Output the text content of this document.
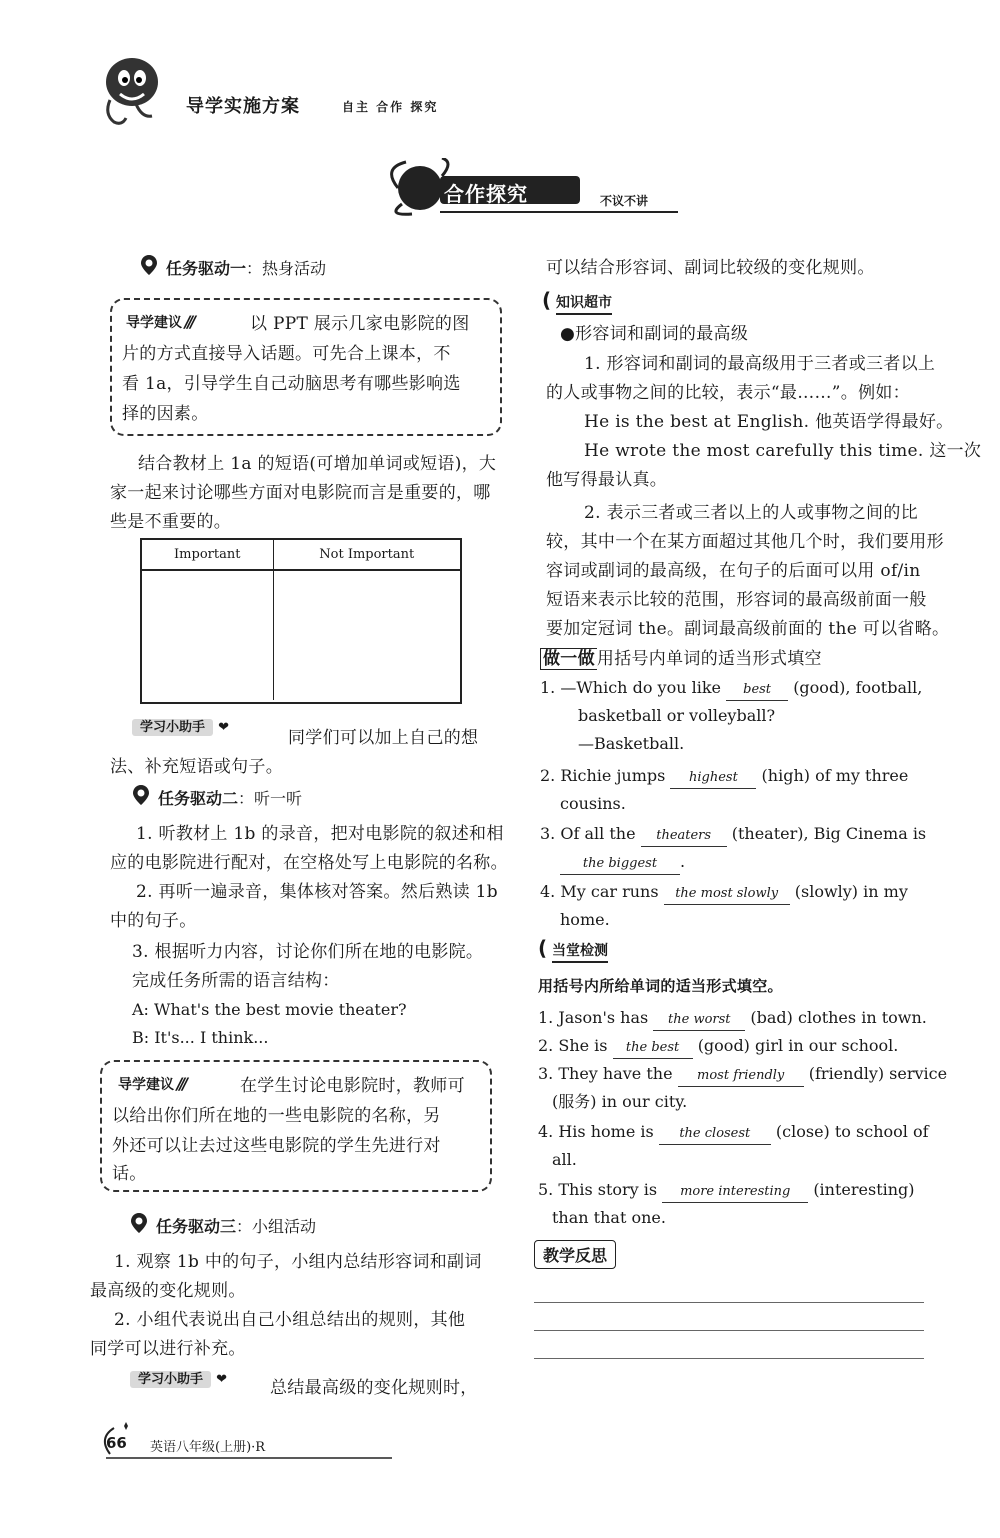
导学实施方案	自主 合作 探究
合作探究	不议不讲
任务驱动一：热身活动
导学建议 ///	以 PPT 展示几家电影院的图
片的方式直接导入话题。可先合上课本，不
看 1a，引导学生自己动脑思考有哪些影响选
择的因素。
结合教材上 1a 的短语(可增加单词或短语)，大
家一起来讨论哪些方面对电影院而言是重要的，哪
些是不重要的。
Important	Not Important

学习小助手 ❤
同学们可以加上自己的想
法、补充短语或句子。
任务驱动二：听一听
1. 听教材上 1b 的录音，把对电影院的叙述和相
应的电影院进行配对，在空格处写上电影院的名称。
2. 再听一遍录音，集体核对答案。然后熟读 1b
中的句子。
3. 根据听力内容，讨论你们所在地的电影院。
完成任务所需的语言结构：
A: What's the best movie theater?
B: It's... I think...
导学建议 ///	在学生讨论电影院时，教师可
以给出你们所在地的一些电影院的名称，另
外还可以让去过这些电影院的学生先进行对
话。
任务驱动三：小组活动
1. 观察 1b 中的句子，小组内总结形容词和副词
最高级的变化规则。
2. 小组代表说出自己小组总结出的规则，其他
同学可以进行补充。
学习小助手 ❤	总结最高级的变化规则时，
可以结合形容词、副词比较级的变化规则。
( 知识超市
●形容词和副词的最高级
1. 形容词和副词的最高级用于三者或三者以上
的人或事物之间的比较，表示“最……”。例如：
He is the best at English. 他英语学得最好。
He wrote the most carefully this time. 这一次
他写得最认真。
2. 表示三者或三者以上的人或事物之间的比
较，其中一个在某方面超过其他几个时，我们要用形
容词或副词的最高级，在句子的后面可以用 of/in
短语来表示比较的范围，形容词的最高级前面一般
要加定冠词 the。副词最高级前面的 the 可以省略。
做一做 用括号内单词的适当形式填空
1. —Which do you like best (good), football,
basketball or volleyball?
—Basketball.
2. Richie jumps highest (high) of my three
cousins.
3. Of all the theaters (theater), Big Cinema is
the biggest .
4. My car runs the most slowly (slowly) in my
home.
( 当堂检测
用括号内所给单词的适当形式填空。
1. Jason's has the worst (bad) clothes in town.
2. She is the best (good) girl in our school.
3. They have the most friendly (friendly) service
(服务) in our city.
4. His home is the closest (close) to school of
all.
5. This story is more interesting (interesting)
than that one.
教学反思
66 英语八年级(上册)·R
